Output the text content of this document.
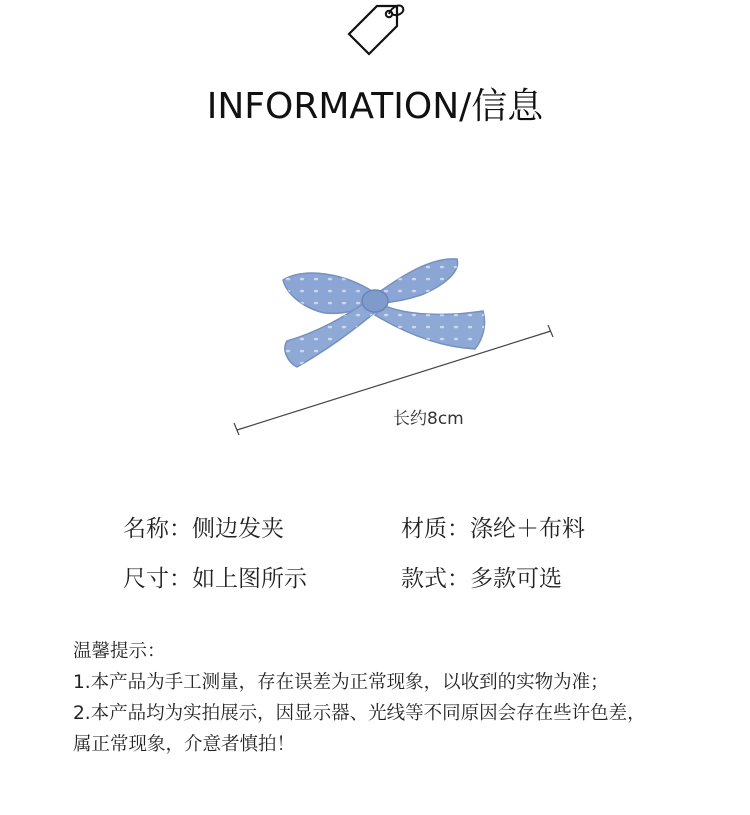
INFORMATION/信息
长约8cm
名称：侧边发夹	材质：涤纶＋布料
尺寸：如上图所示	款式：多款可选
温馨提示：
1.本产品为手工测量，存在误差为正常现象，以收到的实物为准；
2.本产品均为实拍展示，因显示器、光线等不同原因会存在些许色差，
属正常现象，介意者慎拍！
